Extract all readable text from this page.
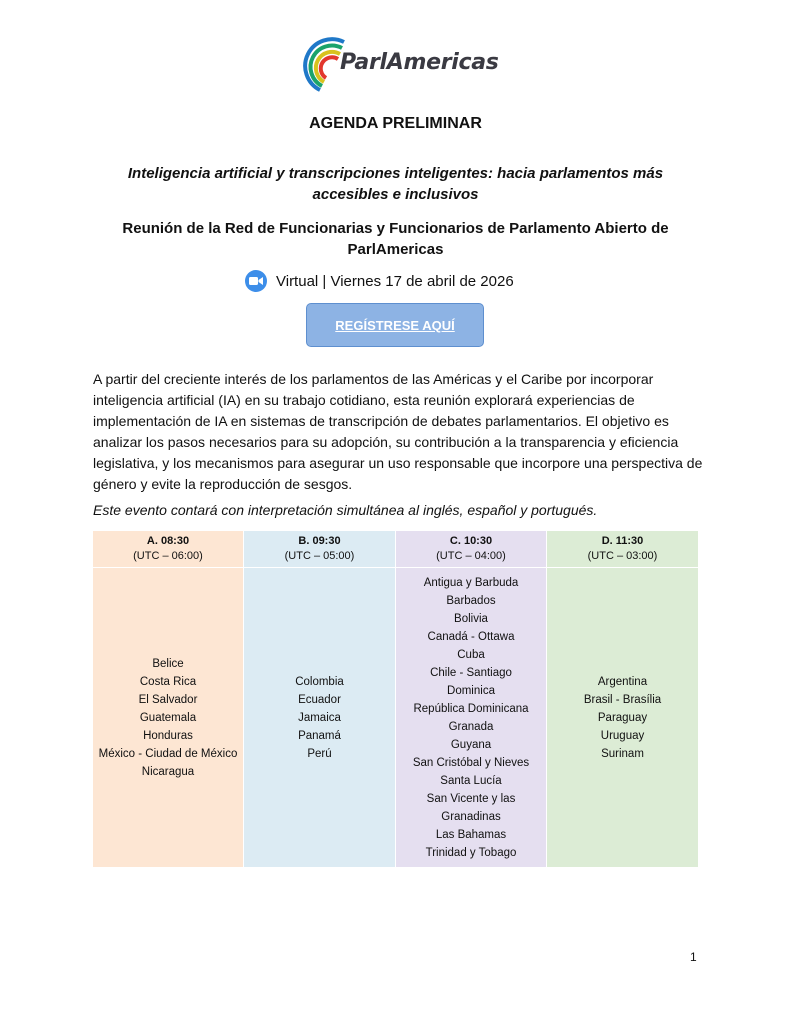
ParlAmericas
AGENDA PRELIMINAR
Inteligencia artificial y transcripciones inteligentes: hacia parlamentos más accesibles e inclusivos
Reunión de la Red de Funcionarias y Funcionarios de Parlamento Abierto de ParlAmericas
Virtual | Viernes 17 de abril de 2026
REGÍSTRESE AQUÍ

A partir del creciente interés de los parlamentos de las Américas y el Caribe por incorporar inteligencia artificial (IA) en su trabajo cotidiano, esta reunión explorará experiencias de implementación de IA en sistemas de transcripción de debates parlamentarios. El objetivo es analizar los pasos necesarios para su adopción, su contribución a la transparencia y eficiencia legislativa, y los mecanismos para asegurar un uso responsable que incorpore una perspectiva de género y evite la reproducción de sesgos.

Este evento contará con interpretación simultánea al inglés, español y portugués.

A. 08:30
(UTC – 06:00)
Belice
Costa Rica
El Salvador
Guatemala
Honduras
México - Ciudad de México
Nicaragua
B. 09:30
(UTC – 05:00)
Colombia
Ecuador
Jamaica
Panamá
Perú
C. 10:30
(UTC – 04:00)
Antigua y Barbuda
Barbados
Bolivia
Canadá - Ottawa
Cuba
Chile - Santiago
Dominica
República Dominicana
Granada
Guyana
San Cristóbal y Nieves
Santa Lucía
San Vicente y las Granadinas
Las Bahamas
Trinidad y Tobago
D. 11:30
(UTC – 03:00)
Argentina
Brasil - Brasília
Paraguay
Uruguay
Surinam
1
